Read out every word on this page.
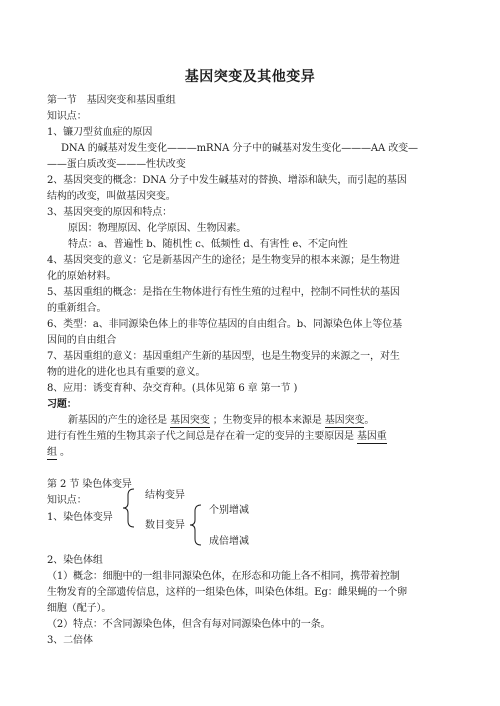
基因突变及其他变异
第一节　基因突变和基因重组
知识点：
1、镰刀型贫血症的原因
DNA 的碱基对发生变化———mRNA 分子中的碱基对发生变化———AA 改变—
——蛋白质改变———性状改变
2、基因突变的概念：DNA 分子中发生碱基对的替换、增添和缺失，而引起的基因
结构的改变，叫做基因突变。
3、基因突变的原因和特点：
原因：物理原因、化学原因、生物因素。
特点：a、普遍性 b、随机性 c、低频性 d、有害性 e、不定向性
4、基因突变的意义：它是新基因产生的途径；是生物变异的根本来源；是生物进
化的原始材料。
5、基因重组的概念：是指在生物体进行有性生殖的过程中，控制不同性状的基因
的重新组合。
6、类型：a、非同源染色体上的非等位基因的自由组合。b、同源染色体上等位基
因间的自由组合
7、基因重组的意义：基因重组产生新的基因型，也是生物变异的来源之一，对生
物的进化的进化也具有重要的意义。
8、应用：诱变育种、杂交育种。(具体见第 6 章 第一节 )
习题：
新基因的产生的途径是 基因突变 ；生物变异的根本来源是 基因突变。
进行有性生殖的生物其亲子代之间总是存在着一定的变异的主要原因是 基因重
组 。
第 2 节 染色体变异
知识点：
1、染色体变异
结构变异
数目变异
个别增减
成倍增减
2、染色体组
（1）概念：细胞中的一组非同源染色体，在形态和功能上各不相同，携带着控制
生物发育的全部遗传信息，这样的一组染色体，叫染色体组。Eg：雌果蝇的一个卵
细胞（配子）。
（2）特点：不含同源染色体，但含有每对同源染色体中的一条。
3、二倍体
